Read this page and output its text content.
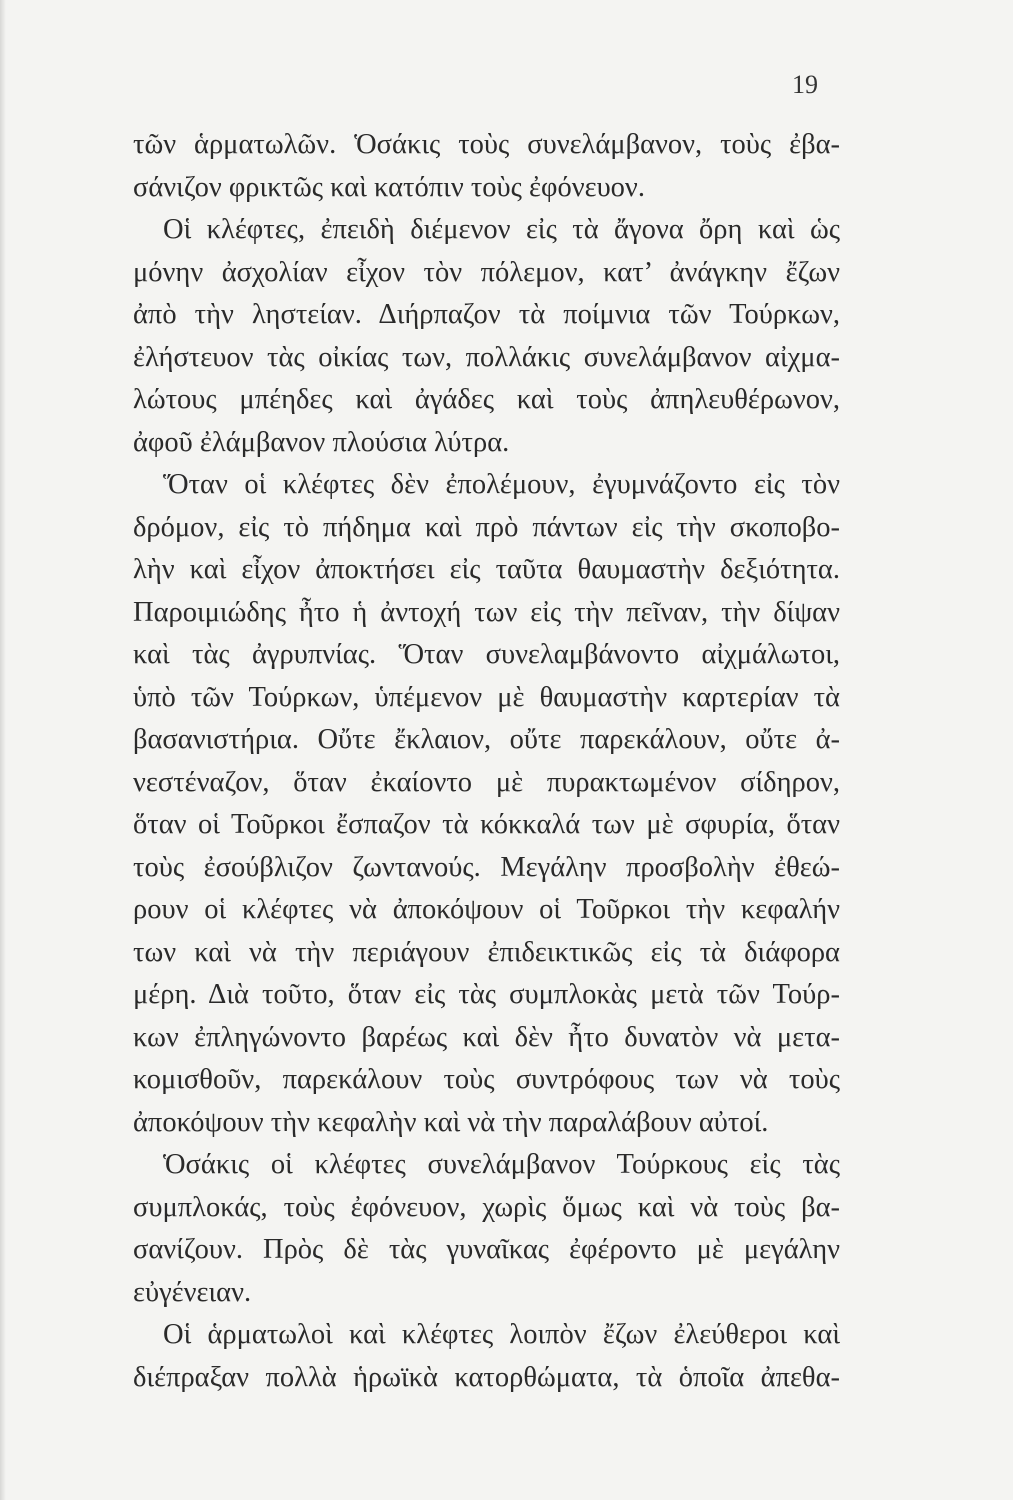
19
τῶν ἁρματωλῶν. Ὁσάκις τοὺς συνελάμβανον, τοὺς ἐβα-
σάνιζον φρικτῶς καὶ κατόπιν τοὺς ἐφόνευον.
Οἱ κλέφτες, ἐπειδὴ διέμενον εἰς τὰ ἄγονα ὄρη καὶ ὡς
μόνην ἀσχολίαν εἶχον τὸν πόλεμον, κατ’ ἀνάγκην ἔζων
ἀπὸ τὴν ληστείαν. Διήρπαζον τὰ ποίμνια τῶν Τούρκων,
ἐλήστευον τὰς οἰκίας των, πολλάκις συνελάμβανον αἰχμα-
λώτους μπέηδες καὶ ἀγάδες καὶ τοὺς ἀπηλευθέρωνον,
ἀφοῦ ἐλάμβανον πλούσια λύτρα.
Ὅταν οἱ κλέφτες δὲν ἐπολέμουν, ἐγυμνάζοντο εἰς τὸν
δρόμον, εἰς τὸ πήδημα καὶ πρὸ πάντων εἰς τὴν σκοποβο-
λὴν καὶ εἶχον ἀποκτήσει εἰς ταῦτα θαυμαστὴν δεξιότητα.
Παροιμιώδης ἦτο ἡ ἀντοχή των εἰς τὴν πεῖναν, τὴν δίψαν
καὶ τὰς ἀγρυπνίας. Ὅταν συνελαμβάνοντο αἰχμάλωτοι,
ὑπὸ τῶν Τούρκων, ὑπέμενον μὲ θαυμαστὴν καρτερίαν τὰ
βασανιστήρια. Οὔτε ἔκλαιον, οὔτε παρεκάλουν, οὔτε ἀ-
νεστέναζον, ὅταν ἐκαίοντο μὲ πυρακτωμένον σίδηρον,
ὅταν οἱ Τοῦρκοι ἔσπαζον τὰ κόκκαλά των μὲ σφυρία, ὅταν
τοὺς ἐσούβλιζον ζωντανούς. Μεγάλην προσβολὴν ἐθεώ-
ρουν οἱ κλέφτες νὰ ἀποκόψουν οἱ Τοῦρκοι τὴν κεφαλήν
των καὶ νὰ τὴν περιάγουν ἐπιδεικτικῶς εἰς τὰ διάφορα
μέρη. Διὰ τοῦτο, ὅταν εἰς τὰς συμπλοκὰς μετὰ τῶν Τούρ-
κων ἐπληγώνοντο βαρέως καὶ δὲν ἦτο δυνατὸν νὰ μετα-
κομισθοῦν, παρεκάλουν τοὺς συντρόφους των νὰ τοὺς
ἀποκόψουν τὴν κεφαλὴν καὶ νὰ τὴν παραλάβουν αὐτοί.
Ὁσάκις οἱ κλέφτες συνελάμβανον Τούρκους εἰς τὰς
συμπλοκάς, τοὺς ἐφόνευον, χωρὶς ὅμως καὶ νὰ τοὺς βα-
σανίζουν. Πρὸς δὲ τὰς γυναῖκας ἐφέροντο μὲ μεγάλην
εὐγένειαν.
Οἱ ἁρματωλοὶ καὶ κλέφτες λοιπὸν ἔζων ἐλεύθεροι καὶ
διέπραξαν πολλὰ ἡρωϊκὰ κατορθώματα, τὰ ὁποῖα ἀπεθα-
